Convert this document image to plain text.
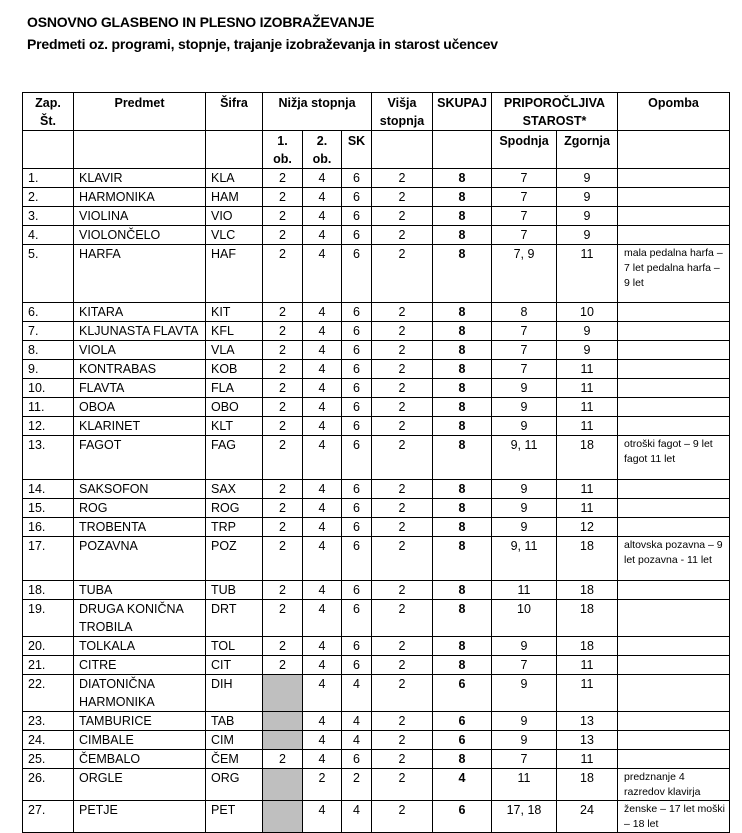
OSNOVNO GLASBENO IN PLESNO IZOBRAŽEVANJE
Predmeti oz. programi, stopnje, trajanje izobraževanja in starost učencev
Zap. Št.	Predmet	Šifra	Nižja stopnja			Višja stopnja	SKUPAJ	PRIPOROČLJIVA STAROST*		Opomba
			1. ob.	2. ob.	SK			Spodnja	Zgornja	
1.	KLAVIR	KLA	2	4	6	2	8	7	9	
2.	HARMONIKA	HAM	2	4	6	2	8	7	9	
3.	VIOLINA	VIO	2	4	6	2	8	7	9	
4.	VIOLONČELO	VLC	2	4	6	2	8	7	9	
5.	HARFA	HAF	2	4	6	2	8	7, 9	11	mala pedalna harfa – 7 let pedalna harfa – 9 let
6.	KITARA	KIT	2	4	6	2	8	8	10	
7.	KLJUNASTA FLAVTA	KFL	2	4	6	2	8	7	9	
8.	VIOLA	VLA	2	4	6	2	8	7	9	
9.	KONTRABAS	KOB	2	4	6	2	8	7	11	
10.	FLAVTA	FLA	2	4	6	2	8	9	11	
11.	OBOA	OBO	2	4	6	2	8	9	11	
12.	KLARINET	KLT	2	4	6	2	8	9	11	
13.	FAGOT	FAG	2	4	6	2	8	9, 11	18	otroški fagot – 9 let fagot 11 let
14.	SAKSOFON	SAX	2	4	6	2	8	9	11	
15.	ROG	ROG	2	4	6	2	8	9	11	
16.	TROBENTA	TRP	2	4	6	2	8	9	12	
17.	POZAVNA	POZ	2	4	6	2	8	9, 11	18	altovska pozavna – 9 let pozavna - 11 let
18.	TUBA	TUB	2	4	6	2	8	11	18	
19.	DRUGA KONIČNA TROBILA	DRT	2	4	6	2	8	10	18	
20.	TOLKALA	TOL	2	4	6	2	8	9	18	
21.	CITRE	CIT	2	4	6	2	8	7	11	
22.	DIATONIČNA HARMONIKA	DIH		4	4	2	6	9	11	
23.	TAMBURICE	TAB		4	4	2	6	9	13	
24.	CIMBALE	CIM		4	4	2	6	9	13	
25.	ČEMBALO	ČEM	2	4	6	2	8	7	11	
26.	ORGLE	ORG		2	2	2	4	11	18	predznanje 4 razredov klavirja
27.	PETJE	PET		4	4	2	6	17, 18	24	ženske – 17 let moški – 18 let
